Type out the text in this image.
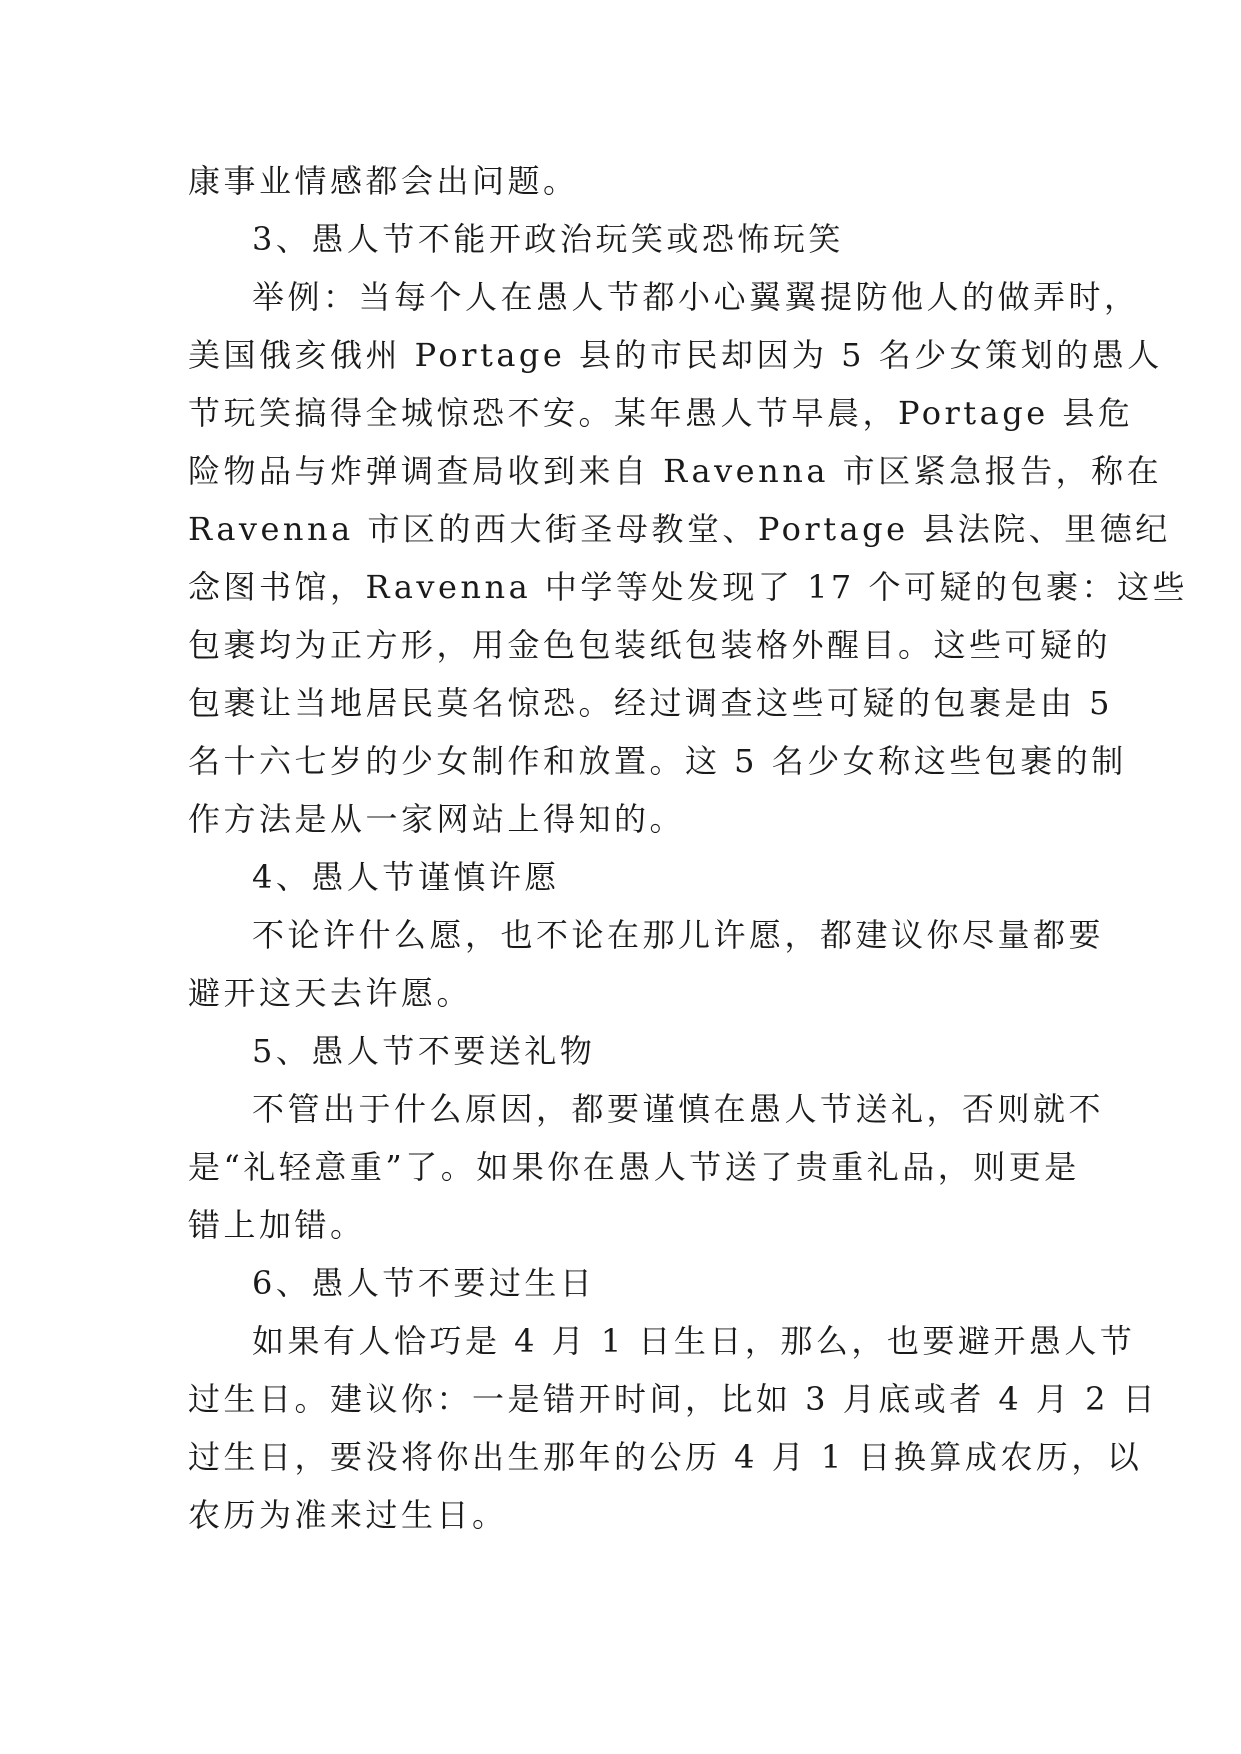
康事业情感都会出问题。
3、愚人节不能开政治玩笑或恐怖玩笑
举例：当每个人在愚人节都小心翼翼提防他人的做弄时，
美国俄亥俄州 Portage 县的市民却因为 5 名少女策划的愚人
节玩笑搞得全城惊恐不安。某年愚人节早晨，Portage 县危
险物品与炸弹调查局收到来自 Ravenna 市区紧急报告，称在
Ravenna 市区的西大街圣母教堂、Portage 县法院、里德纪
念图书馆，Ravenna 中学等处发现了 17 个可疑的包裹：这些
包裹均为正方形，用金色包装纸包装格外醒目。这些可疑的
包裹让当地居民莫名惊恐。经过调查这些可疑的包裹是由 5
名十六七岁的少女制作和放置。这 5 名少女称这些包裹的制
作方法是从一家网站上得知的。
4、愚人节谨慎许愿
不论许什么愿，也不论在那儿许愿，都建议你尽量都要
避开这天去许愿。
5、愚人节不要送礼物
不管出于什么原因，都要谨慎在愚人节送礼，否则就不
是“礼轻意重”了。如果你在愚人节送了贵重礼品，则更是
错上加错。
6、愚人节不要过生日
如果有人恰巧是 4 月 1 日生日，那么，也要避开愚人节
过生日。建议你：一是错开时间，比如 3 月底或者 4 月 2 日
过生日，要没将你出生那年的公历 4 月 1 日换算成农历，以
农历为准来过生日。
